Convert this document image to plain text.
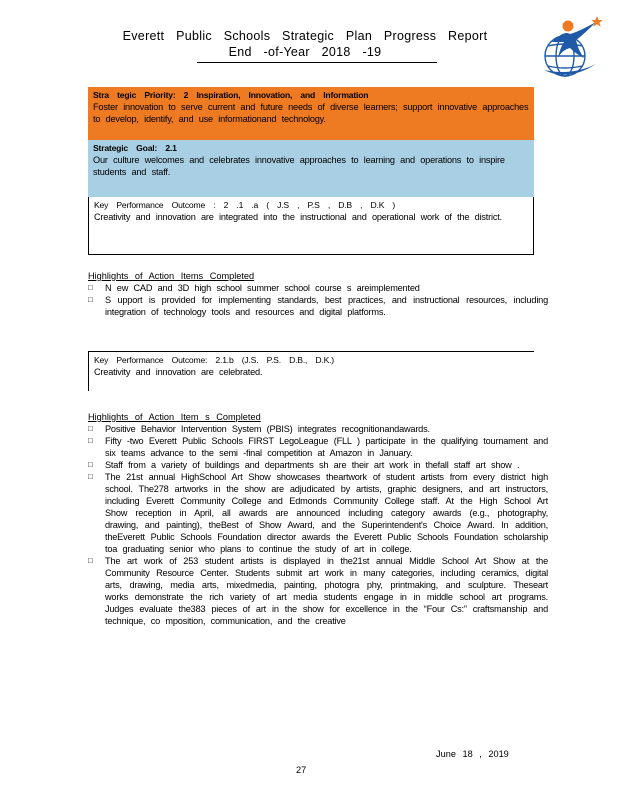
Everett Public Schools Strategic Plan Progress Report
End -of-Year 2018 -19
Stra tegic Priority: 2 Inspiration, Innovation, and Information
Foster innovation to serve current and future needs of diverse learners; support innovative approaches to develop, identify, and use informationand technology.
Strategic Goal: 2.1
Our culture welcomes and celebrates innovative approaches to learning and operations to inspire students and staff.
Key Performance Outcome : 2 .1 .a ( J.S , P.S , D.B , D.K )
Creativity and innovation are integrated into the instructional and operational work of the district.
Highlights of Action Items Completed
□ N ew CAD and 3D high school summer school course s areimplemented
□ S upport is provided for implementing standards, best practices, and instructional resources, including integration of technology tools and resources and digital platforms.
Key Performance Outcome: 2.1.b (J.S. P.S. D.B., D.K.)
Creativity and innovation are celebrated.
Highlights of Action Item s Completed
□ Positive Behavior Intervention System (PBIS) integrates recognitionandawards.
□ Fifty -two Everett Public Schools FIRST LegoLeague (FLL ) participate in the qualifying tournament and six teams advance to the semi -final competition at Amazon in January.
□ Staff from a variety of buildings and departments sh are their art work in thefall staff art show .
□ The 21st annual HighSchool Art Show showcases theartwork of student artists from every district high school. The278 artworks in the show are adjudicated by artists, graphic designers, and art instructors, including Everett Community College and Edmonds Community College staff. At the High School Art Show reception in April, all awards are announced including category awards (e.g., photography, drawing, and painting), theBest of Show Award, and the Superintendent's Choice Award. In addition, theEverett Public Schools Foundation director awards the Everett Public Schools Foundation scholarship toa graduating senior who plans to continue the study of art in college.
□ The art work of 253 student artists is displayed in the21st annual Middle School Art Show at the Community Resource Center. Students submit art work in many categories, including ceramics, digital arts, drawing, media arts, mixedmedia, painting, photogra phy, printmaking, and sculpture. Theseart works demonstrate the rich variety of art media students engage in in middle school art programs. Judges evaluate the383 pieces of art in the show for excellence in the “Four Cs:” craftsmanship and technique, co mposition, communication, and the creative
June 18 , 2019
27
